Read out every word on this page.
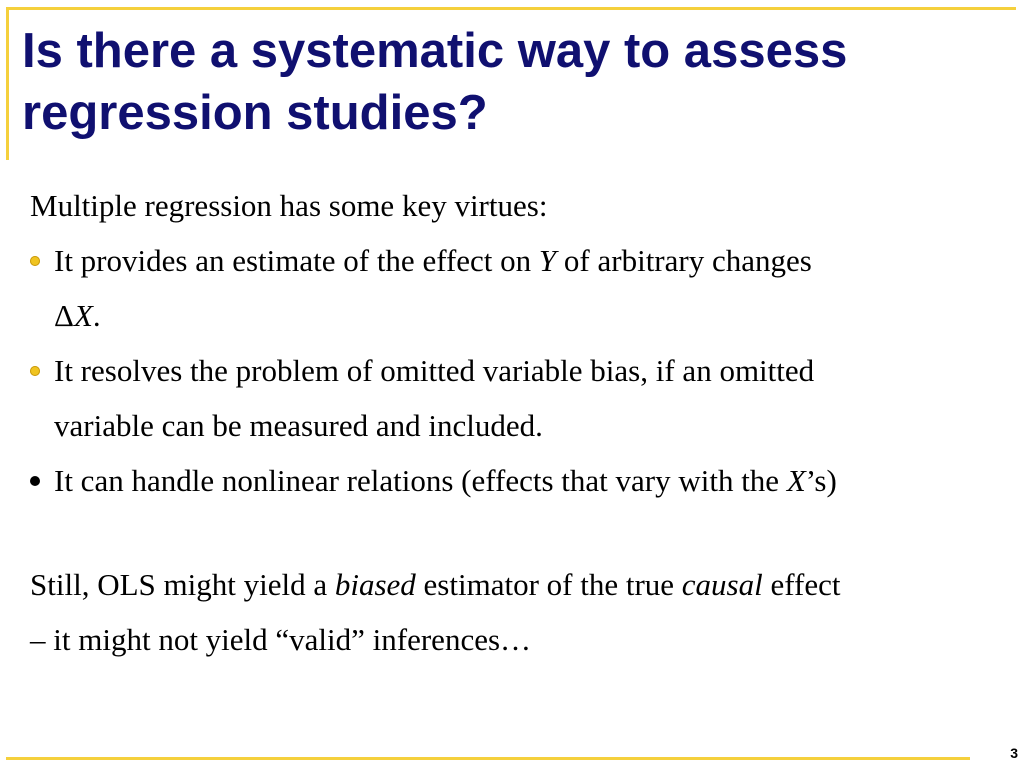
Is there a systematic way to assess regression studies?

Multiple regression has some key virtues:

It provides an estimate of the effect on Y of arbitrary changes

ΔX.

It resolves the problem of omitted variable bias, if an omitted

variable can be measured and included.

It can handle nonlinear relations (effects that vary with the X’s)

Still, OLS might yield a biased estimator of the true causal effect

– it might not yield “valid” inferences…

3
